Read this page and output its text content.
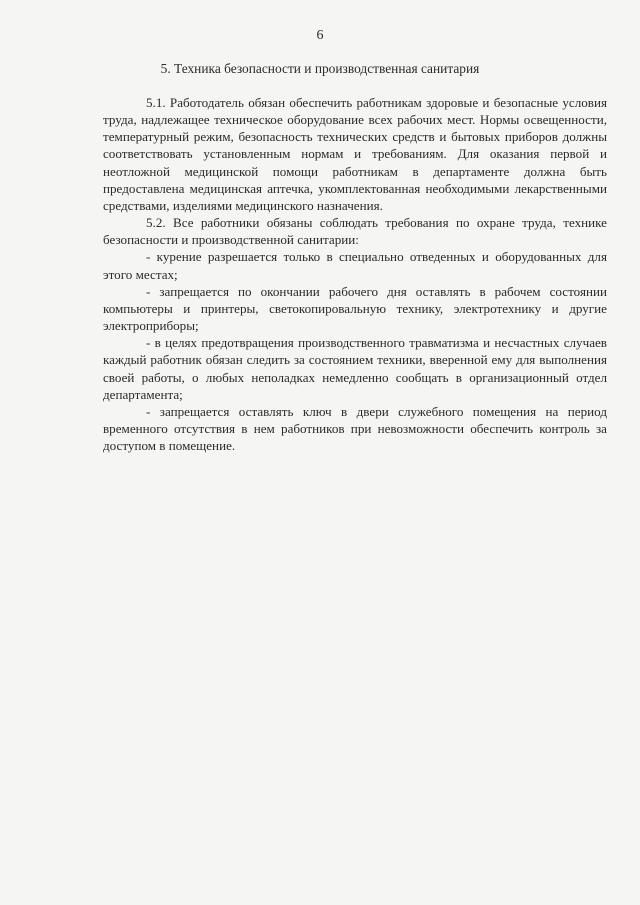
6
5. Техника безопасности и производственная санитария

5.1. Работодатель обязан обеспечить работникам здоровые и безопасные условия труда, надлежащее техническое оборудование всех рабочих мест. Нормы освещенности, температурный режим, безопасность технических средств и бытовых приборов должны соответствовать установленным нормам и требованиям. Для оказания первой и неотложной медицинской помощи работникам в департаменте должна быть предоставлена медицинская аптечка, укомплектованная необходимыми лекарственными средствами, изделиями медицинского назначения.

5.2. Все работники обязаны соблюдать требования по охране труда, технике безопасности и производственной санитарии:

- курение разрешается только в специально отведенных и оборудованных для этого местах;

- запрещается по окончании рабочего дня оставлять в рабочем состоянии компьютеры и принтеры, светокопировальную технику, электротехнику и другие электроприборы;

- в целях предотвращения производственного травматизма и несчастных случаев каждый работник обязан следить за состоянием техники, вверенной ему для выполнения своей работы, о любых неполадках немедленно сообщать в организационный отдел департамента;

- запрещается оставлять ключ в двери служебного помещения на период временного отсутствия в нем работников при невозможности обеспечить контроль за доступом в помещение.
